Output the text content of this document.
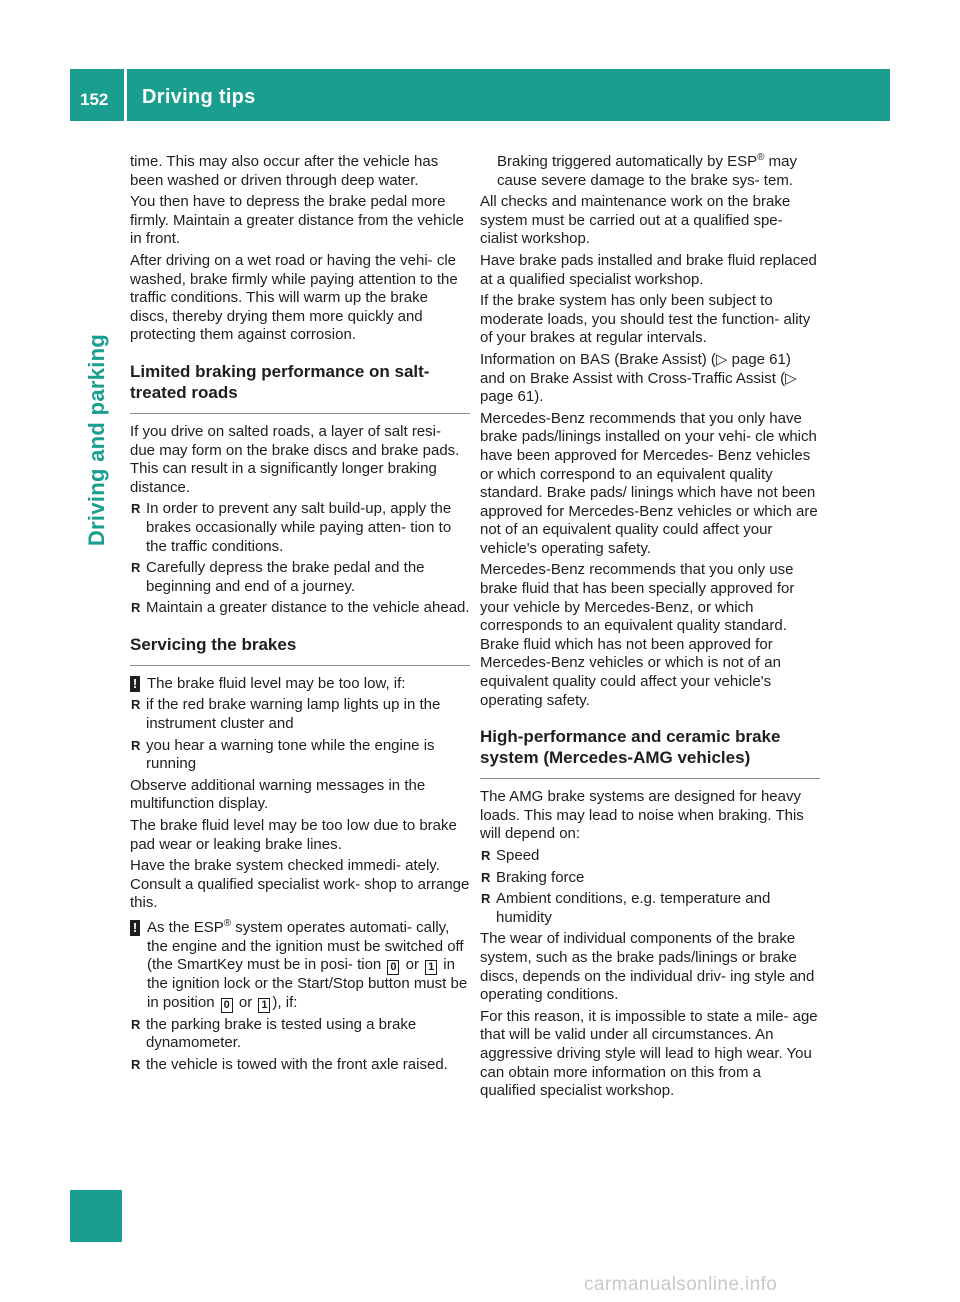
152 Driving tips
Driving and parking

time. This may also occur after the vehicle has been washed or driven through deep water.

You then have to depress the brake pedal more firmly. Maintain a greater distance from the vehicle in front.

After driving on a wet road or having the vehi- cle washed, brake firmly while paying attention to the traffic conditions. This will warm up the brake discs, thereby drying them more quickly and protecting them against corrosion.

Limited braking performance on salt- treated roads

If you drive on salted roads, a layer of salt resi- due may form on the brake discs and brake pads. This can result in a significantly longer braking distance.

R In order to prevent any salt build-up, apply the brakes occasionally while paying atten- tion to the traffic conditions.
R Carefully depress the brake pedal and the beginning and end of a journey.
R Maintain a greater distance to the vehicle ahead.
Servicing the brakes
! The brake fluid level may be too low, if:
R if the red brake warning lamp lights up in the instrument cluster and
R you hear a warning tone while the engine is running

Observe additional warning messages in the multifunction display.

The brake fluid level may be too low due to brake pad wear or leaking brake lines.

Have the brake system checked immedi- ately. Consult a qualified specialist work- shop to arrange this.

! As the ESP® system operates automati- cally, the engine and the ignition must be switched off (the SmartKey must be in posi- tion 0 or 1 in the ignition lock or the Start/Stop button must be in position 0 or 1 ), if:
R the parking brake is tested using a brake dynamometer.
R the vehicle is towed with the front axle raised.

Braking triggered automatically by ESP® may cause severe damage to the brake sys- tem.

All checks and maintenance work on the brake system must be carried out at a qualified spe- cialist workshop.

Have brake pads installed and brake fluid replaced at a qualified specialist workshop.

If the brake system has only been subject to moderate loads, you should test the function- ality of your brakes at regular intervals.

Information on BAS (Brake Assist) (▷ page 61) and on Brake Assist with Cross-Traffic Assist (▷ page 61).

Mercedes-Benz recommends that you only have brake pads/linings installed on your vehi- cle which have been approved for Mercedes- Benz vehicles or which correspond to an equivalent quality standard. Brake pads/ linings which have not been approved for Mercedes-Benz vehicles or which are not of an equivalent quality could affect your vehicle's operating safety.

Mercedes-Benz recommends that you only use brake fluid that has been specially approved for your vehicle by Mercedes-Benz, or which corresponds to an equivalent quality standard. Brake fluid which has not been approved for Mercedes-Benz vehicles or which is not of an equivalent quality could affect your vehicle's operating safety.

High-performance and ceramic brake system (Mercedes-AMG vehicles)

The AMG brake systems are designed for heavy loads. This may lead to noise when braking. This will depend on:

R Speed
R Braking force
R Ambient conditions, e.g. temperature and humidity

The wear of individual components of the brake system, such as the brake pads/linings or brake discs, depends on the individual driv- ing style and operating conditions.

For this reason, it is impossible to state a mile- age that will be valid under all circumstances. An aggressive driving style will lead to high wear. You can obtain more information on this from a qualified specialist workshop.

carmanualsonline.info
